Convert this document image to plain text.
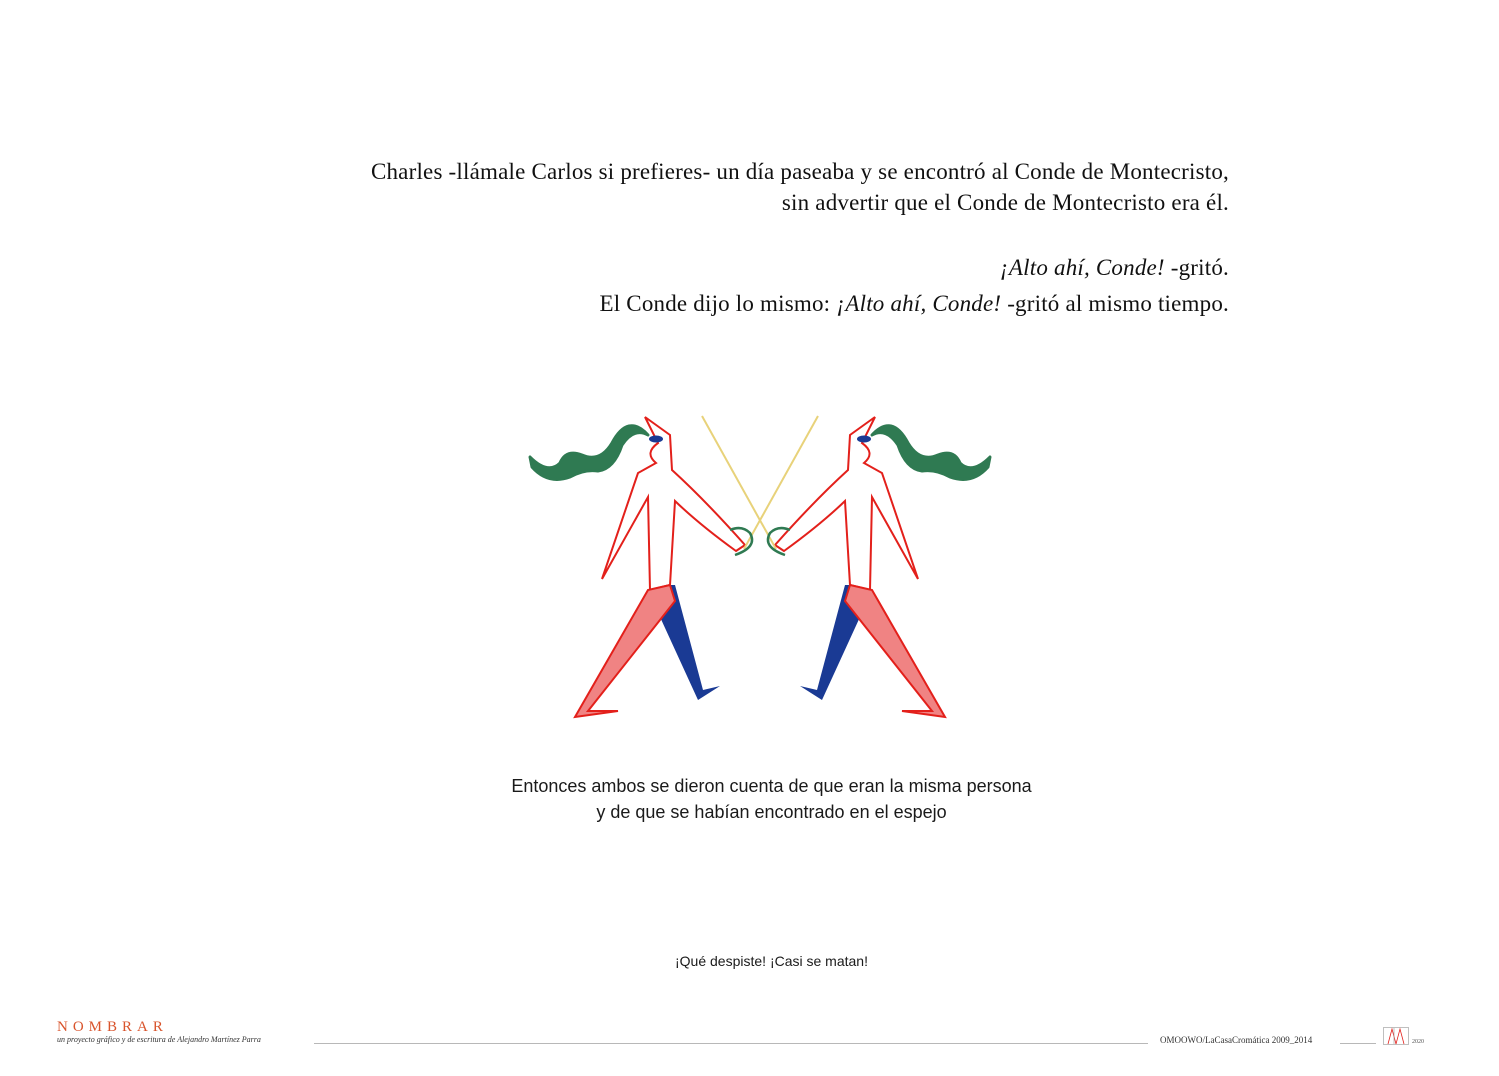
Charles -llámale Carlos si prefieres- un día paseaba y se encontró al Conde de Montecristo,
sin advertir que el Conde de Montecristo era él.
¡Alto ahí, Conde! -gritó.
El Conde dijo lo mismo: ¡Alto ahí, Conde! -gritó al mismo tiempo.
Entonces ambos se dieron cuenta de que eran la misma persona
y de que se habían encontrado en el espejo
¡Qué despiste! ¡Casi se matan!
NOMBRAR
un proyecto gráfico y de escritura de Alejandro Martínez Parra	OMOOWO/LaCasaCromática 2009_2014	2020
